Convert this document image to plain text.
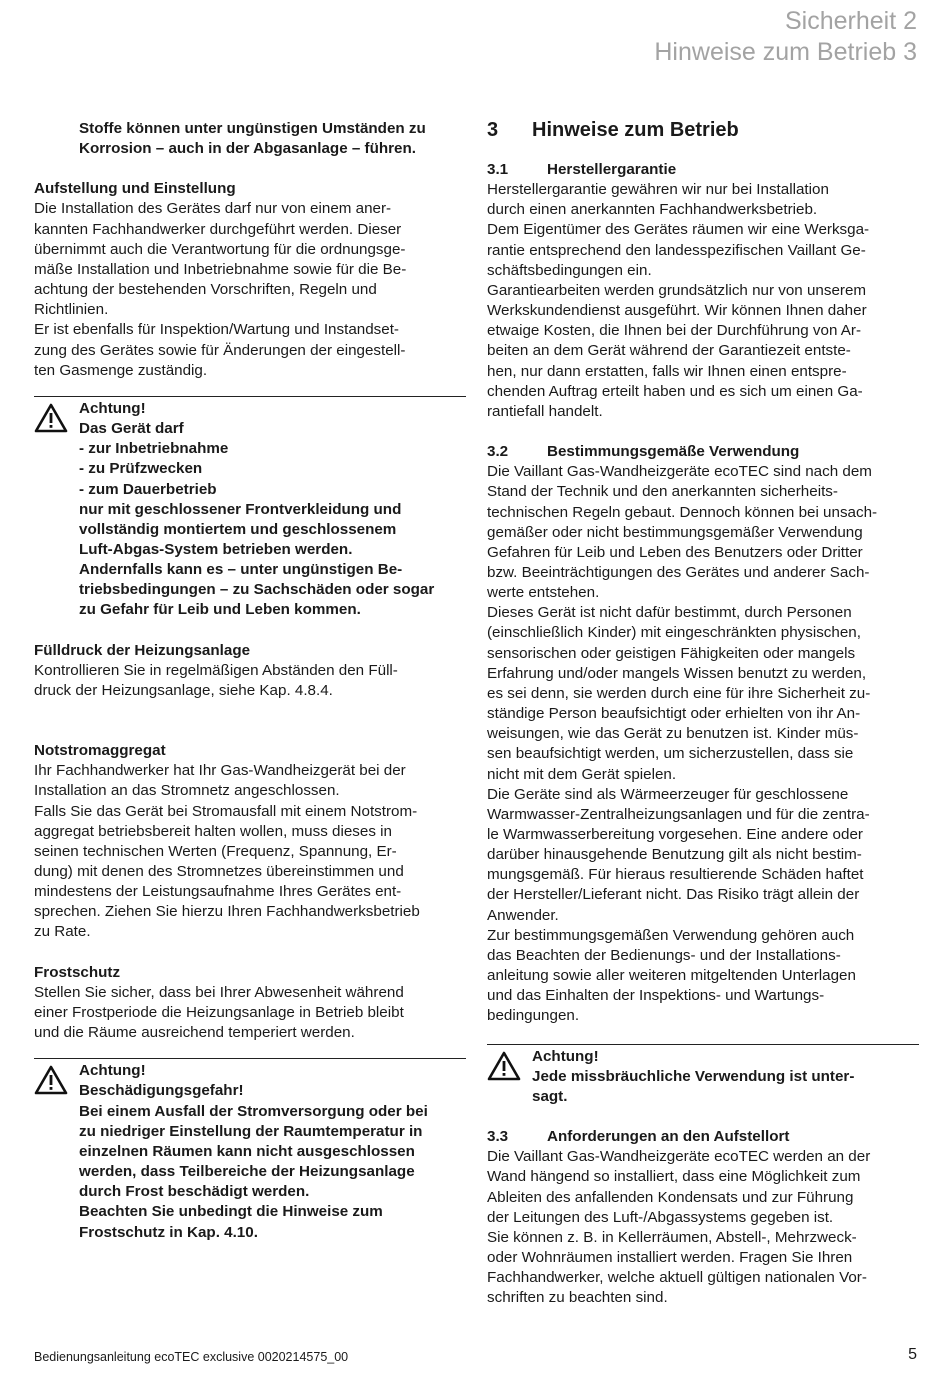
Sicherheit 2
Hinweise zum Betrieb 3

Stoffe können unter ungünstigen Umständen zu

Korrosion – auch in der Abgasanlage – führen.

Aufstellung und Einstellung

Die Installation des Gerätes darf nur von einem aner-

kannten Fachhandwerker durchgeführt werden. Dieser

übernimmt auch die Verantwortung für die ordnungsge-

mäße Installation und Inbetriebnahme sowie für die Be-

achtung der bestehenden Vorschriften, Regeln und

Richtlinien.

Er ist ebenfalls für Inspektion/Wartung und Instandset-

zung des Gerätes sowie für Änderungen der eingestell-

ten Gasmenge zuständig.

Achtung!

Das Gerät darf

- zur Inbetriebnahme

- zu Prüfzwecken

- zum Dauerbetrieb

nur mit geschlossener Frontverkleidung und

vollständig montiertem und geschlossenem

Luft-Abgas-System betrieben werden.

Andernfalls kann es – unter ungünstigen Be-

triebsbedingungen – zu Sachschäden oder sogar

zu Gefahr für Leib und Leben kommen.

Fülldruck der Heizungsanlage

Kontrollieren Sie in regelmäßigen Abständen den Füll-

druck der Heizungsanlage, siehe Kap. 4.8.4.

Notstromaggregat

Ihr Fachhandwerker hat Ihr Gas-Wandheizgerät bei der

Installation an das Stromnetz angeschlossen.

Falls Sie das Gerät bei Stromausfall mit einem Notstrom-

aggregat betriebsbereit halten wollen, muss dieses in

seinen technischen Werten (Frequenz, Spannung, Er-

dung) mit denen des Stromnetzes übereinstimmen und

mindestens der Leistungsaufnahme Ihres Gerätes ent-

sprechen. Ziehen Sie hierzu Ihren Fachhandwerksbetrieb

zu Rate.

Frostschutz

Stellen Sie sicher, dass bei Ihrer Abwesenheit während

einer Frostperiode die Heizungsanlage in Betrieb bleibt

und die Räume ausreichend temperiert werden.

Achtung!

Beschädigungsgefahr!

Bei einem Ausfall der Stromversorgung oder bei

zu niedriger Einstellung der Raumtemperatur in

einzelnen Räumen kann nicht ausgeschlossen

werden, dass Teilbereiche der Heizungsanlage

durch Frost beschädigt werden.

Beachten Sie unbedingt die Hinweise zum

Frostschutz in Kap. 4.10.

3 Hinweise zum Betrieb

3.1	Herstellergarantie

Herstellergarantie gewähren wir nur bei Installation

durch einen anerkannten Fachhandwerksbetrieb.

Dem Eigentümer des Gerätes räumen wir eine Werksga-

rantie entsprechend den landesspezifischen Vaillant Ge-

schäftsbedingungen ein.

Garantiearbeiten werden grundsätzlich nur von unserem

Werkskundendienst ausgeführt. Wir können Ihnen daher

etwaige Kosten, die Ihnen bei der Durchführung von Ar-

beiten an dem Gerät während der Garantiezeit entste-

hen, nur dann erstatten, falls wir Ihnen einen entspre-

chenden Auftrag erteilt haben und es sich um einen Ga-

rantiefall handelt.

3.2	Bestimmungsgemäße Verwendung

Die Vaillant Gas-Wandheizgeräte ecoTEC sind nach dem

Stand der Technik und den anerkannten sicherheits-

technischen Regeln gebaut. Dennoch können bei unsach-

gemäßer oder nicht bestimmungsgemäßer Verwendung

Gefahren für Leib und Leben des Benutzers oder Dritter

bzw. Beeinträchtigungen des Gerätes und anderer Sach-

werte entstehen.

Dieses Gerät ist nicht dafür bestimmt, durch Personen

(einschließlich Kinder) mit eingeschränkten physischen,

sensorischen oder geistigen Fähigkeiten oder mangels

Erfahrung und/oder mangels Wissen benutzt zu werden,

es sei denn, sie werden durch eine für ihre Sicherheit zu-

ständige Person beaufsichtigt oder erhielten von ihr An-

weisungen, wie das Gerät zu benutzen ist. Kinder müs-

sen beaufsichtigt werden, um sicherzustellen, dass sie

nicht mit dem Gerät spielen.

Die Geräte sind als Wärmeerzeuger für geschlossene

Warmwasser-Zentralheizungsanlagen und für die zentra-

le Warmwasserbereitung vorgesehen. Eine andere oder

darüber hinausgehende Benutzung gilt als nicht bestim-

mungsgemäß. Für hieraus resultierende Schäden haftet

der Hersteller/Lieferant nicht. Das Risiko trägt allein der

Anwender.

Zur bestimmungsgemäßen Verwendung gehören auch

das Beachten der Bedienungs- und der Installations-

anleitung sowie aller weiteren mitgeltenden Unterlagen

und das Einhalten der Inspektions- und Wartungs-

bedingungen.

Achtung!

Jede missbräuchliche Verwendung ist unter-

sagt.

3.3	Anforderungen an den Aufstellort

Die Vaillant Gas-Wandheizgeräte ecoTEC werden an der

Wand hängend so installiert, dass eine Möglichkeit zum

Ableiten des anfallenden Kondensats und zur Führung

der Leitungen des Luft-/Abgassystems gegeben ist.

Sie können z. B. in Kellerräumen, Abstell-, Mehrzweck-

oder Wohnräumen installiert werden. Fragen Sie Ihren

Fachhandwerker, welche aktuell gültigen nationalen Vor-

schriften zu beachten sind.

Bedienungsanleitung ecoTEC exclusive 0020214575_00	5
